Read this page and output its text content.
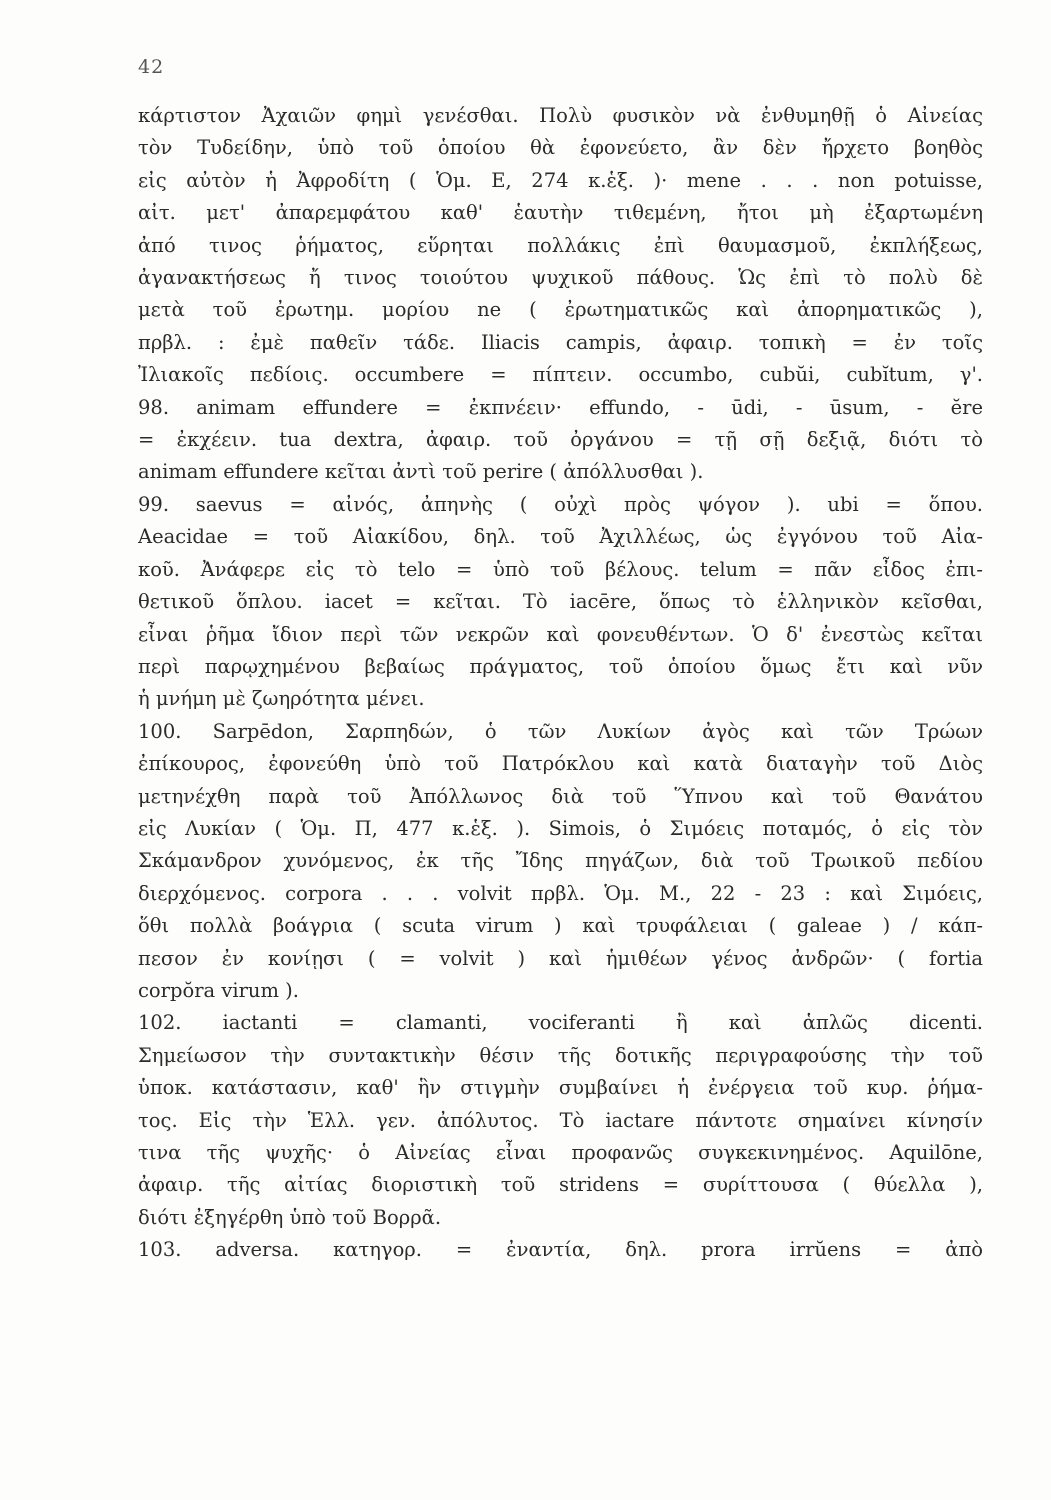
42
κάρτιστον Ἀχαιῶν φημὶ γενέσθαι. Πολὺ φυσικὸν νὰ ἐνθυμηθῇ ὁ Αἰνείας
τὸν Τυδείδην, ὑπὸ τοῦ ὁποίου θὰ ἐφονεύετο, ἂν δὲν ἤρχετο βοηθὸς
εἰς αὐτὸν ἡ Ἀφροδίτη ( Ὁμ. Ε, 274 κ.ἑξ. )· mene . . . non potuisse,
αἰτ. μετ' ἀπαρεμφάτου καθ' ἑαυτὴν τιθεμένη, ἤτοι μὴ ἐξαρτωμένη
ἀπό τινος ῥήματος, εὕρηται πολλάκις ἐπὶ θαυμασμοῦ, ἐκπλήξεως,
ἀγανακτήσεως ἤ τινος τοιούτου ψυχικοῦ πάθους. Ὡς ἐπὶ τὸ πολὺ δὲ
μετὰ τοῦ ἐρωτημ. μορίου ne ( ἐρωτηματικῶς καὶ ἀπορηματικῶς ),
πρβλ. : ἐμὲ παθεῖν τάδε. Iliacis campis, ἀφαιρ. τοπικὴ = ἐν τοῖς
Ἰλιακοῖς πεδίοις. occumbere = πίπτειν. occumbo, cubŭi, cubĭtum, γ'.
98. animam effundere = ἐκπνέειν· effundo, - ūdi, - ūsum, - ĕre
= ἐκχέειν. tua dextra, ἀφαιρ. τοῦ ὀργάνου = τῇ σῇ δεξιᾷ, διότι τὸ
animam effundere κεῖται ἀντὶ τοῦ perire ( ἀπόλλυσθαι ).
99. saevus = αἰνός, ἀπηνὴς ( οὐχὶ πρὸς ψόγον ). ubi = ὅπου.
Aeacidae = τοῦ Αἰακίδου, δηλ. τοῦ Ἀχιλλέως, ὡς ἐγγόνου τοῦ Αἰα-
κοῦ. Ἀνάφερε εἰς τὸ telo = ὑπὸ τοῦ βέλους. telum = πᾶν εἶδος ἐπι-
θετικοῦ ὅπλου. iacet = κεῖται. Τὸ iacēre, ὅπως τὸ ἑλληνικὸν κεῖσθαι,
εἶναι ῥῆμα ἴδιον περὶ τῶν νεκρῶν καὶ φονευθέντων. Ὁ δ' ἐνεστὼς κεῖται
περὶ παρῳχημένου βεβαίως πράγματος, τοῦ ὁποίου ὅμως ἔτι καὶ νῦν
ἡ μνήμη μὲ ζωηρότητα μένει.
100. Sarpēdon, Σαρπηδών, ὁ τῶν Λυκίων ἀγὸς καὶ τῶν Τρώων
ἐπίκουρος, ἐφονεύθη ὑπὸ τοῦ Πατρόκλου καὶ κατὰ διαταγὴν τοῦ Διὸς
μετηνέχθη παρὰ τοῦ Ἀπόλλωνος διὰ τοῦ Ὕπνου καὶ τοῦ Θανάτου
εἰς Λυκίαν ( Ὁμ. Π, 477 κ.ἑξ. ). Simois, ὁ Σιμόεις ποταμός, ὁ εἰς τὸν
Σκάμανδρον χυνόμενος, ἐκ τῆς Ἴδης πηγάζων, διὰ τοῦ Τρωικοῦ πεδίου
διερχόμενος. corpora . . . volvit πρβλ. Ὁμ. Μ., 22 - 23 : καὶ Σιμόεις,
ὅθι πολλὰ βοάγρια ( scuta virum ) καὶ τρυφάλειαι ( galeae ) / κάπ-
πεσον ἐν κονίῃσι ( = volvit ) καὶ ἡμιθέων γένος ἀνδρῶν· ( fortia
corpŏra virum ).
102. iactanti = clamanti, vociferanti ἢ καὶ ἁπλῶς dicenti.
Σημείωσον τὴν συντακτικὴν θέσιν τῆς δοτικῆς περιγραφούσης τὴν τοῦ
ὑποκ. κατάστασιν, καθ' ἣν στιγμὴν συμβαίνει ἡ ἐνέργεια τοῦ κυρ. ῥήμα-
τος. Εἰς τὴν Ἑλλ. γεν. ἀπόλυτος. Τὸ iactare πάντοτε σημαίνει κίνησίν
τινα τῆς ψυχῆς· ὁ Αἰνείας εἶναι προφανῶς συγκεκινημένος. Aquilōne,
ἀφαιρ. τῆς αἰτίας διοριστικὴ τοῦ stridens = συρίττουσα ( θύελλα ),
διότι ἐξηγέρθη ὑπὸ τοῦ Βορρᾶ.
103. adversa. κατηγορ. = ἐναντία, δηλ. prora irrŭens = ἀπὸ
